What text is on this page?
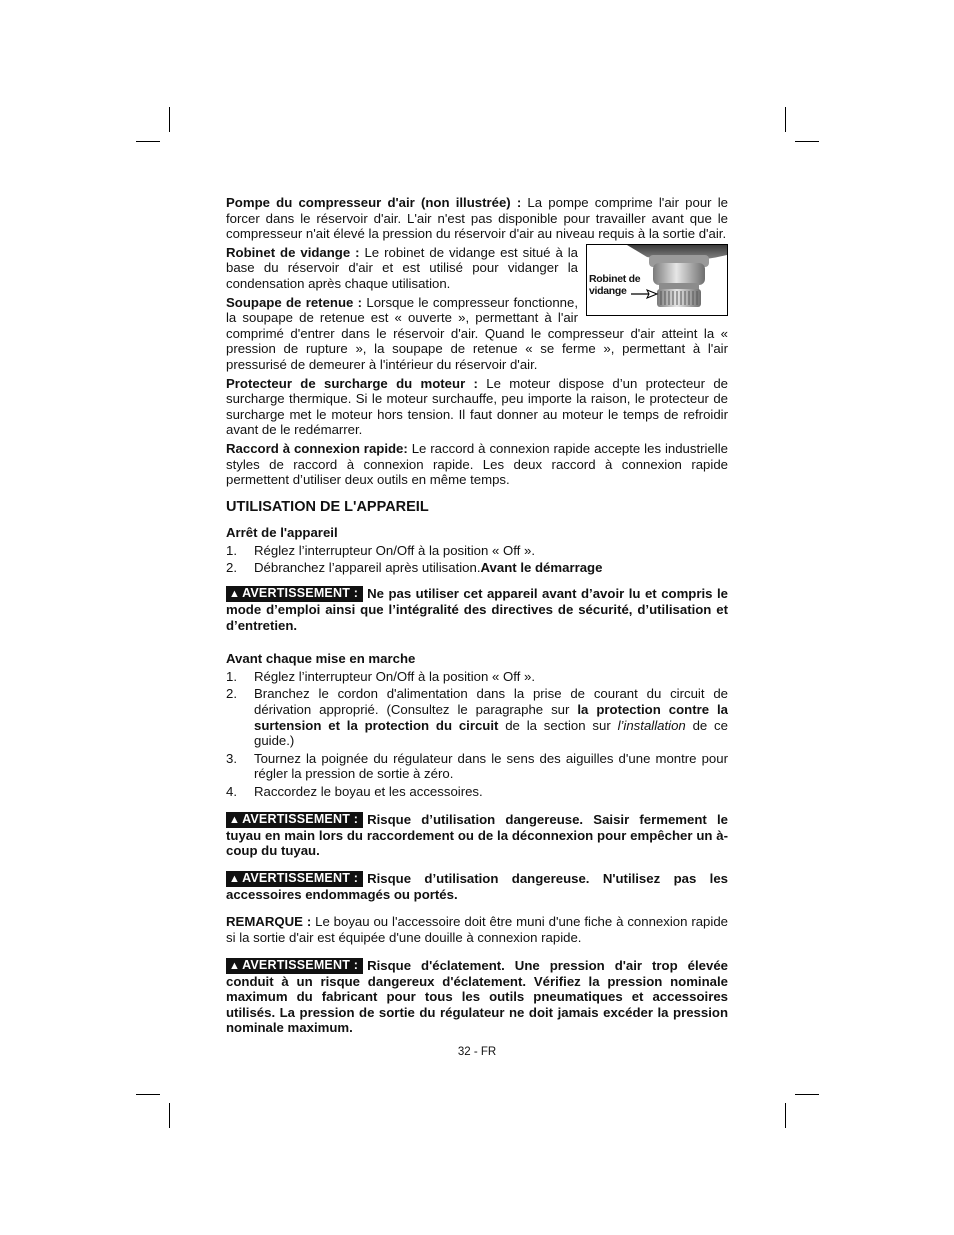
Pompe du compresseur d'air (non illustrée) : La pompe comprime l'air pour le forcer dans le réservoir d'air. L'air n'est pas disponible pour travailler avant que le compresseur n'ait élevé la pression du réservoir d'air au niveau requis à la sortie d'air.

Robinet de
vidange

Robinet de vidange : Le robinet de vidange est situé à la base du réservoir d'air et est utilisé pour vidanger la condensation après chaque utilisation.

Soupape de retenue : Lorsque le compresseur fonctionne, la soupape de retenue est « ouverte », permettant à l'air comprimé d'entrer dans le réservoir d'air. Quand le compresseur d'air atteint la « pression de rupture », la soupape de retenue « se ferme », permettant à l'air pressurisé de demeurer à l'intérieur du réservoir d'air.

Protecteur de surcharge du moteur : Le moteur dispose d’un protecteur de surcharge thermique. Si le moteur surchauffe, peu importe la raison, le protecteur de surcharge met le moteur hors tension. Il faut donner au moteur le temps de refroidir avant de le redémarrer.

Raccord à connexion rapide: Le raccord à connexion rapide accepte les industrielle styles de raccord à connexion rapide. Les deux raccord à connexion rapide permettent d’utiliser deux outils en même temps.

UTILISATION DE L'APPAREIL

Arrêt de l'appareil

1. Réglez l’interrupteur On/Off à la position « Off ».
2. Débranchez l’appareil après utilisation.Avant le démarrage

▲ AVERTISSEMENT : Ne pas utiliser cet appareil avant d’avoir lu et compris le mode d’emploi ainsi que l’intégralité des directives de sécurité, d’utilisation et d’entretien.

Avant chaque mise en marche

1. Réglez l’interrupteur On/Off à la position « Off ».
2. Branchez le cordon d'alimentation dans la prise de courant du circuit de dérivation approprié. (Consultez le paragraphe sur la protection contre la surtension et la protection du circuit de la section sur l’installation de ce guide.)
3. Tournez la poignée du régulateur dans le sens des aiguilles d'une montre pour régler la pression de sortie à zéro.
4. Raccordez le boyau et les accessoires.

▲ AVERTISSEMENT : Risque d’utilisation dangereuse. Saisir fermement le tuyau en main lors du raccordement ou de la déconnexion pour empêcher un à-coup du tuyau.

▲ AVERTISSEMENT : Risque d’utilisation dangereuse. N'utilisez pas les accessoires endommagés ou portés.

REMARQUE : Le boyau ou l'accessoire doit être muni d'une fiche à connexion rapide si la sortie d'air est équipée d'une douille à connexion rapide.

▲ AVERTISSEMENT : Risque d'éclatement. Une pression d'air trop élevée conduit à un risque dangereux d'éclatement. Vérifiez la pression nominale maximum du fabricant pour tous les outils pneumatiques et accessoires utilisés. La pression de sortie du régulateur ne doit jamais excéder la pression nominale maximum.

32 - FR
